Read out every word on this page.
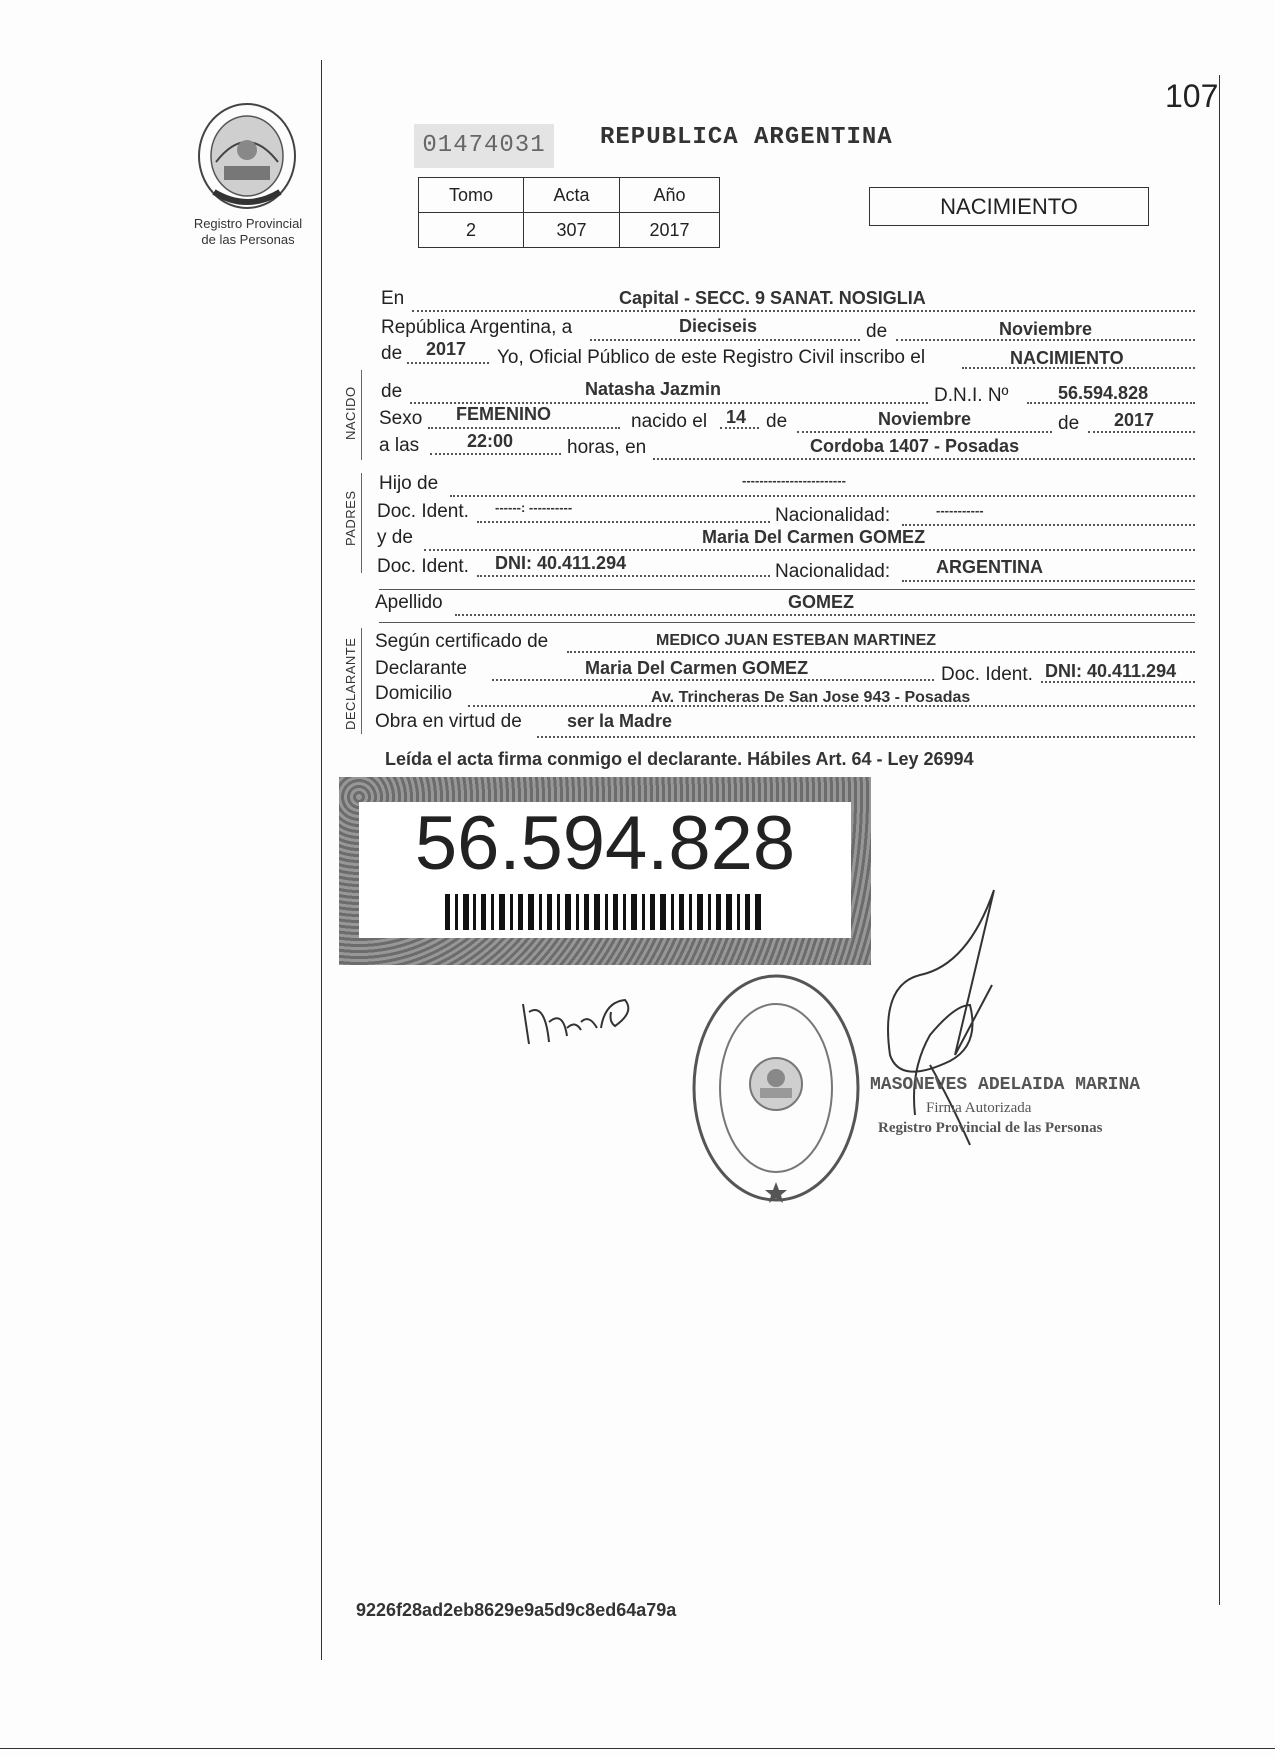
107
Registro Provincial
de las Personas
01474031	REPUBLICA ARGENTINA
Tomo	Acta	Año
2	307	2017
NACIMIENTO
NACIDO
PADRES
DECLARANTE
En	Capital - SECC. 9 SANAT. NOSIGLIA
República Argentina, a	Dieciseis	de	Noviembre
de 2017 Yo, Oficial Público de este Registro Civil inscribo el	NACIMIENTO
de	Natasha Jazmin	D.N.I. Nº	56.594.828
Sexo FEMENINO	nacido el 14 de	Noviembre	de 2017
a las	22:00	horas, en	Cordoba 1407 - Posadas
Hijo de	------------------------
Doc. Ident. ------: ----------	Nacionalidad:	-----------
y de	Maria Del Carmen GOMEZ
Doc. Ident. DNI: 40.411.294	Nacionalidad:	ARGENTINA
Apellido	GOMEZ
Según certificado de	MEDICO JUAN ESTEBAN MARTINEZ
Declarante	Maria Del Carmen GOMEZ	Doc. Ident. DNI: 40.411.294
Domicilio	Av. Trincheras De San Jose 943 - Posadas
Obra en virtud de	ser la Madre
Leída el acta firma conmigo el declarante. Hábiles Art. 64 - Ley 26994
56.594.828
MASONEVES ADELAIDA MARINA
Firma Autorizada
Registro Provincial de las Personas
9226f28ad2eb8629e9a5d9c8ed64a79a
